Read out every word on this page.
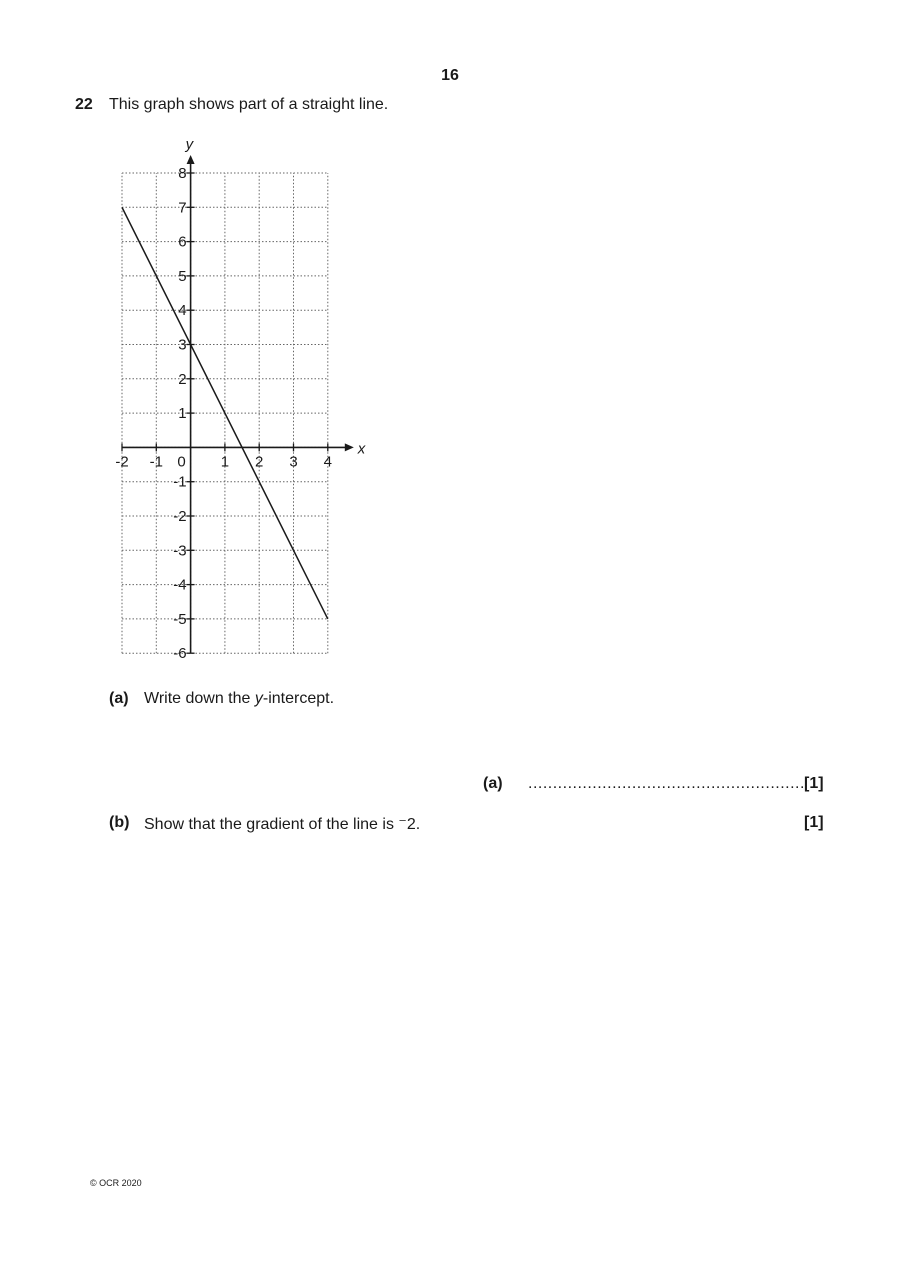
16
22 This graph shows part of a straight line.
x
y
-2 -1 0 1 2 3 4
8
7
6
5
4
3
2
1
-1
-2
-3
-4
-5
-6
(a) Write down the y-intercept.
(a) ........................................................ [1]
(b) Show that the gradient of the line is ⁻2.	[1]
© OCR 2020
